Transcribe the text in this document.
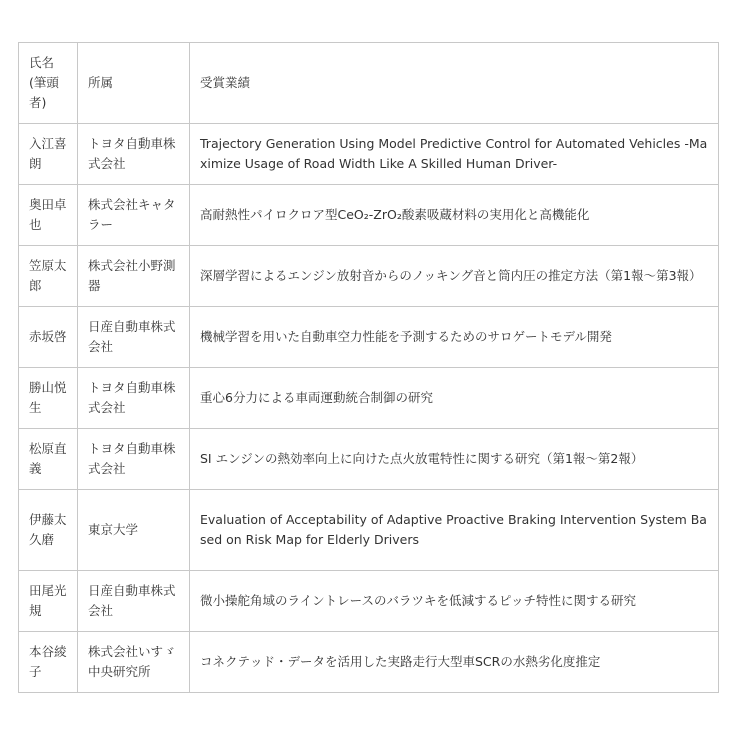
氏名(筆頭者)	所属	受賞業績
入江喜朗	トヨタ自動車株式会社	Trajectory Generation Using Model Predictive Control for Automated Vehicles -Maximize Usage of Road Width Like A Skilled Human Driver-
奥田卓也	株式会社キャタラー	高耐熱性パイロクロア型CeO₂-ZrO₂酸素吸蔵材料の実用化と高機能化
笠原太郎	株式会社小野測器	深層学習によるエンジン放射音からのノッキング音と筒内圧の推定方法（第1報～第3報）
赤坂啓	日産自動車株式会社	機械学習を用いた自動車空力性能を予測するためのサロゲートモデル開発
勝山悦生	トヨタ自動車株式会社	重心6分力による車両運動統合制御の研究
松原直義	トヨタ自動車株式会社	SI エンジンの熱効率向上に向けた点火放電特性に関する研究（第1報～第2報）
伊藤太久磨	東京大学	Evaluation of Acceptability of Adaptive Proactive Braking Intervention System Based on Risk Map for Elderly Drivers
田尾光規	日産自動車株式会社	微小操舵角域のライントレースのバラツキを低減するピッチ特性に関する研究
本谷綾子	株式会社いすゞ中央研究所	コネクテッド・データを活用した実路走行大型車SCRの水熱劣化度推定
